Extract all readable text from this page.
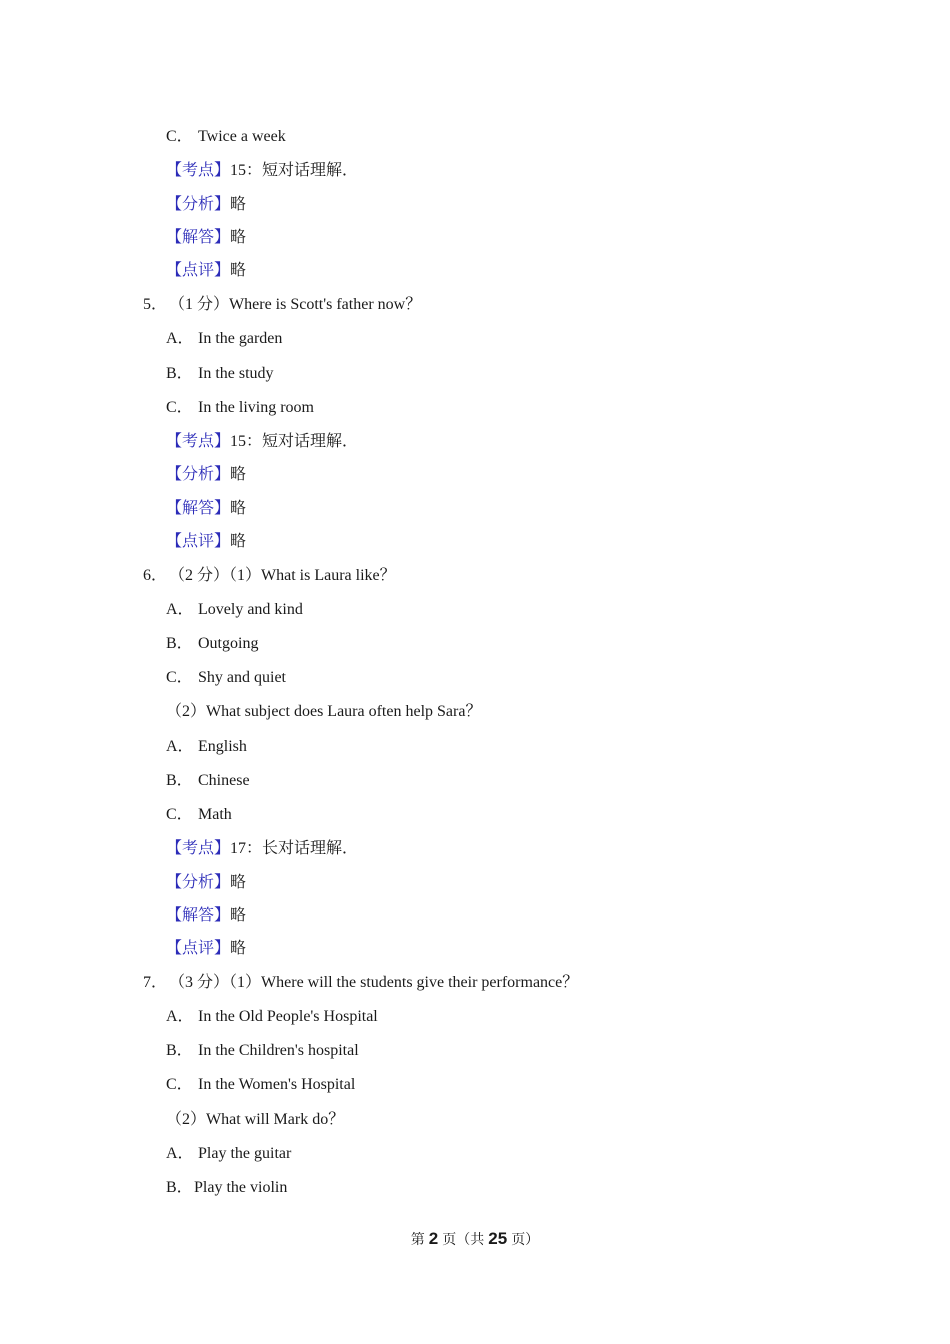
C． Twice a week
【考点】15：短对话理解．
【分析】略
【解答】略
【点评】略
5． （1 分）Where is Scott's father now？
A． In the garden
B． In the study
C． In the living room
【考点】15：短对话理解．
【分析】略
【解答】略
【点评】略
6． （2 分）（1）What is Laura like？
A． Lovely and kind
B． Outgoing
C． Shy and quiet
（2）What subject does Laura often help Sara？
A． English
B． Chinese
C． Math
【考点】17：长对话理解．
【分析】略
【解答】略
【点评】略
7． （3 分）（1）Where will the students give their performance？
A． In the Old People's Hospital
B． In the Children's hospital
C． In the Women's Hospital
（2）What will Mark do？
A． Play the guitar
B．Play the violin
第 2 页（共 25 页）
